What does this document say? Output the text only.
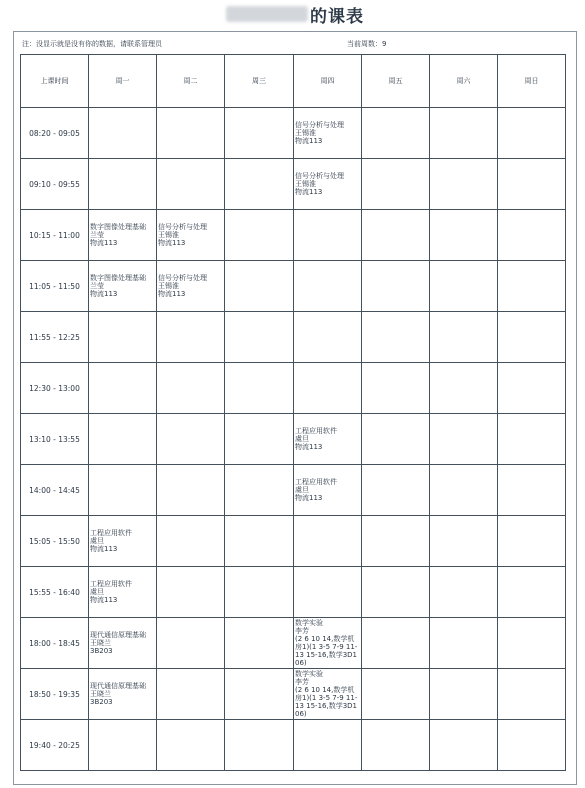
的课表
注：没显示就是没有你的数据，请联系管理员	当前周数：9
上课时间	周一	周二	周三	周四	周五	周六	周日
08:20 - 09:05				信号分析与处理
王锡淮
物流113			

09:10 - 09:55				信号分析与处理
王锡淮
物流113			

10:15 - 11:00	数字图像处理基础
兰莹
物流113	信号分析与处理
王锡淮
物流113					

11:05 - 11:50	数字图像处理基础
兰莹
物流113	信号分析与处理
王锡淮
物流113					

11:55 - 12:25							
12:30 - 13:00							
13:10 - 13:55				工程应用软件
虞旦
物流113			

14:00 - 14:45				工程应用软件
虞旦
物流113			

15:05 - 15:50	工程应用软件
虞旦
物流113						

15:55 - 16:40	工程应用软件
虞旦
物流113						

18:00 - 18:45	现代通信原理基础
王晓兰
3B203			数学实验
李芳
(2 6 10 14,数学机房1)(1 3-5 7-9 11-13 15-16,数学3D106)			

18:50 - 19:35	现代通信原理基础
王晓兰
3B203			数学实验
李芳
(2 6 10 14,数学机房1)(1 3-5 7-9 11-13 15-16,数学3D106)			

19:40 - 20:25							
